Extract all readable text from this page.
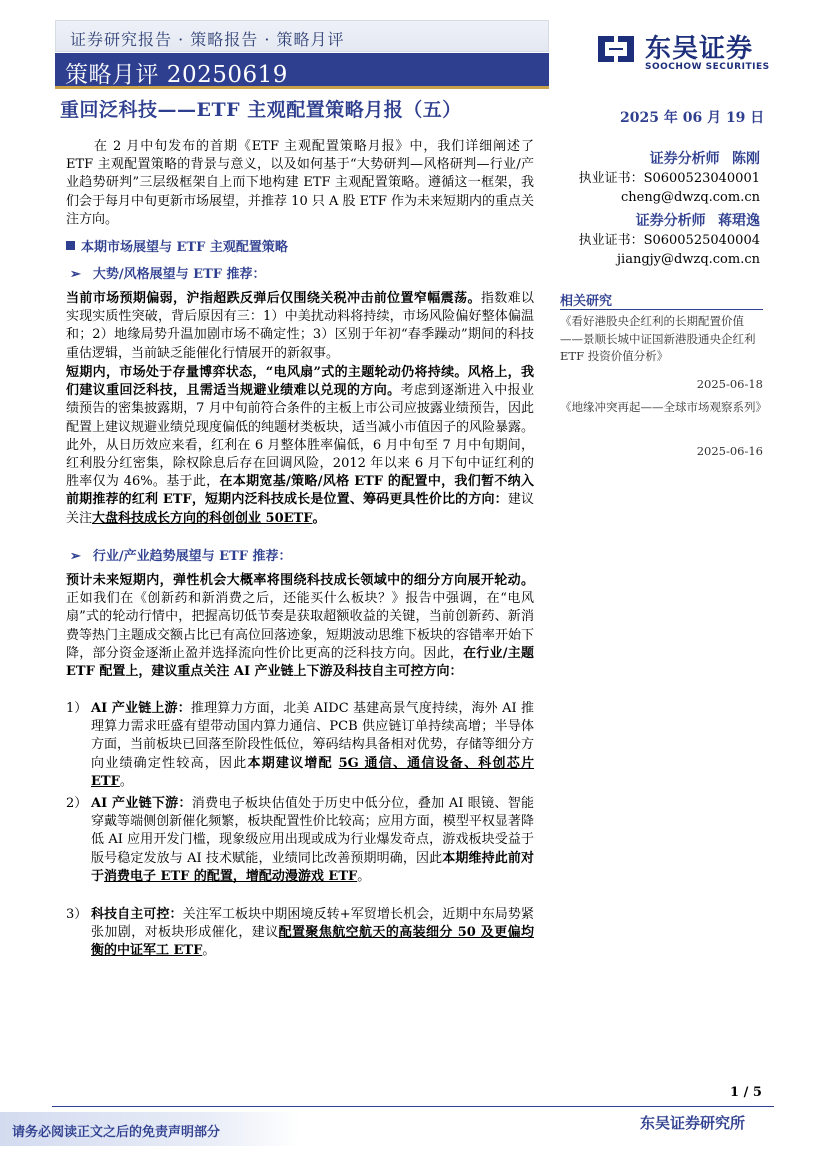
证券研究报告 · 策略报告 · 策略月评
策略月评 20250619
东吴证券
SOOCHOW SECURITIES
重回泛科技——ETF 主观配置策略月报（五）	2025 年 06 月 19 日
在 2 月中旬发布的首期《ETF 主观配置策略月报》中，我们详细阐述了 ETF 主观配置策略的背景与意义，以及如何基于“大势研判—风格研判—行业/产业趋势研判”三层级框架自上而下地构建 ETF 主观配置策略。遵循这一框架，我们会于每月中旬更新市场展望，并推荐 10 只 A 股 ETF 作为未来短期内的重点关注方向。
本期市场展望与 ETF 主观配置策略
➢ 大势/风格展望与 ETF 推荐：
当前市场预期偏弱，沪指超跌反弹后仅围绕关税冲击前位置窄幅震荡。指数难以实现实质性突破，背后原因有三：1）中美扰动料将持续，市场风险偏好整体偏温和；2）地缘局势升温加剧市场不确定性；3）区别于年初“春季躁动”期间的科技重估逻辑，当前缺乏能催化行情展开的新叙事。
短期内，市场处于存量博弈状态，“电风扇”式的主题轮动仍将持续。风格上，我们建议重回泛科技，且需适当规避业绩难以兑现的方向。考虑到逐渐进入中报业绩预告的密集披露期，7 月中旬前符合条件的主板上市公司应披露业绩预告，因此配置上建议规避业绩兑现度偏低的纯题材类板块，适当减小市值因子的风险暴露。此外，从日历效应来看，红利在 6 月整体胜率偏低，6 月中旬至 7 月中旬期间，红利股分红密集，除权除息后存在回调风险，2012 年以来 6 月下旬中证红利的胜率仅为 46%。基于此，在本期宽基/策略/风格 ETF 的配置中，我们暂不纳入前期推荐的红利 ETF，短期内泛科技成长是位置、筹码更具性价比的方向：建议关注大盘科技成长方向的科创创业 50ETF。
➢ 行业/产业趋势展望与 ETF 推荐：
预计未来短期内，弹性机会大概率将围绕科技成长领域中的细分方向展开轮动。正如我们在《创新药和新消费之后，还能买什么板块？》报告中强调，在“电风扇”式的轮动行情中，把握高切低节奏是获取超额收益的关键，当前创新药、新消费等热门主题成交额占比已有高位回落迹象，短期波动思维下板块的容错率开始下降，部分资金逐渐止盈并选择流向性价比更高的泛科技方向。因此，在行业/主题 ETF 配置上，建议重点关注 AI 产业链上下游及科技自主可控方向：
1） AI 产业链上游：推理算力方面，北美 AIDC 基建高景气度持续，海外 AI 推理算力需求旺盛有望带动国内算力通信、PCB 供应链订单持续高增；半导体方面，当前板块已回落至阶段性低位，筹码结构具备相对优势，存储等细分方向业绩确定性较高，因此本期建议增配 5G 通信、通信设备、科创芯片 ETF。
2） AI 产业链下游：消费电子板块估值处于历史中低分位，叠加 AI 眼镜、智能穿戴等端侧创新催化频繁，板块配置性价比较高；应用方面，模型平权显著降低 AI 应用开发门槛，现象级应用出现或成为行业爆发奇点，游戏板块受益于版号稳定发放与 AI 技术赋能，业绩同比改善预期明确，因此本期维持此前对于消费电子 ETF 的配置，增配动漫游戏 ETF。
3） 科技自主可控：关注军工板块中期困境反转+军贸增长机会，近期中东局势紧张加剧，对板块形成催化，建议配置聚焦航空航天的高装细分 50 及更偏均衡的中证军工 ETF。
证券分析师 陈刚
执业证书：S0600523040001
cheng@dwzq.com.cn
证券分析师 蒋珺逸
执业证书：S0600525040004
jiangjy@dwzq.com.cn
相关研究
《看好港股央企红利的长期配置价值——景顺长城中证国新港股通央企红利 ETF 投资价值分析》
2025-06-18
《地缘冲突再起——全球市场观察系列》
2025-06-16
1 / 5
请务必阅读正文之后的免责声明部分
东吴证券研究所
